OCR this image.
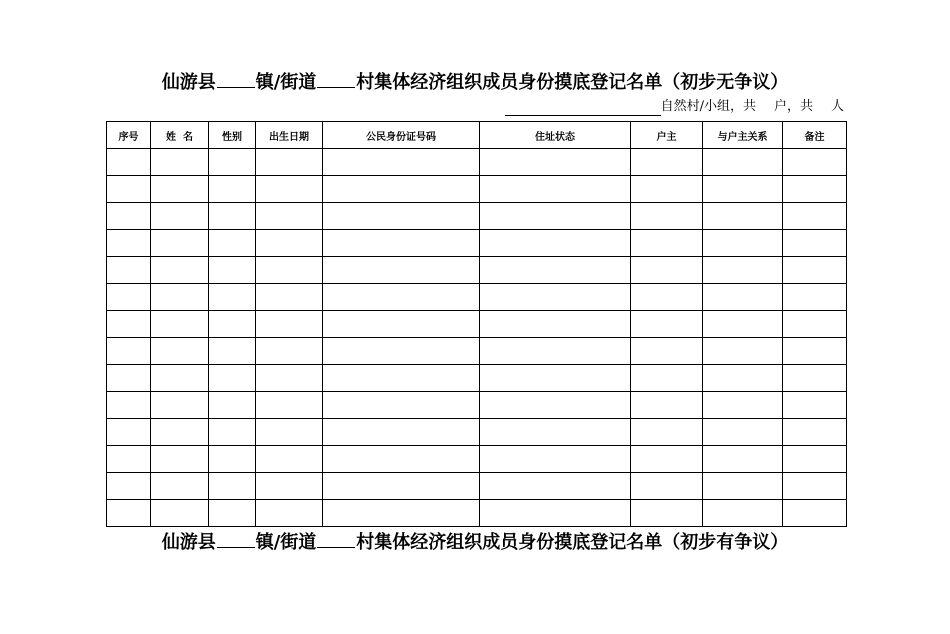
仙游县 镇/街道 村集体经济组织成员身份摸底登记名单（初步无争议）
自然村/小组，共 户，共 人
序号	姓  名	性别	出生日期	公民身份证号码	住址状态	户主	与户主关系	备注

仙游县 镇/街道 村集体经济组织成员身份摸底登记名单（初步有争议）
